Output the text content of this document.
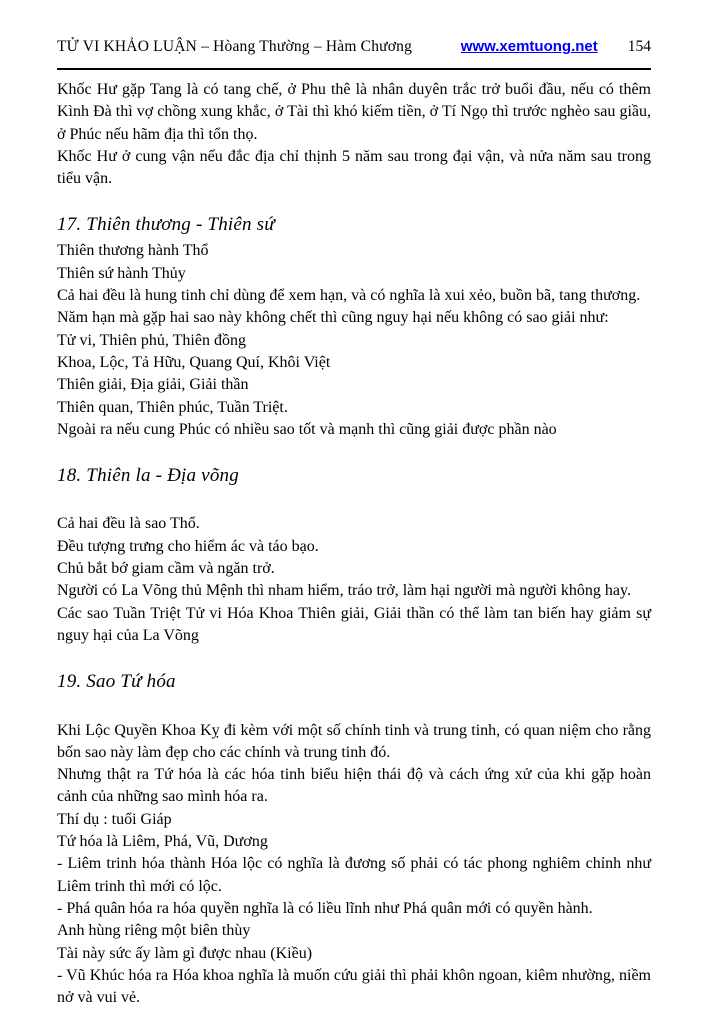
TỬ VI KHẢO LUẬN – Hòang Thường – Hàm Chương	www.xemtuong.net 154
Khốc Hư gặp Tang là có tang chế, ở Phu thê là nhân duyên trắc trở buổi đầu, nếu có thêm Kình Đà thì vợ chồng xung khắc, ở Tài thì khó kiếm tiền, ở Tí Ngọ thì trước nghèo sau giầu, ở Phúc nếu hãm địa thì tổn thọ.
Khốc Hư ở cung vận nếu đắc địa chỉ thịnh 5 năm sau trong đại vận, và nửa năm sau trong tiểu vận.
17. Thiên thương - Thiên sứ
Thiên thương hành Thổ
Thiên sứ hành Thủy
Cả hai đều là hung tinh chỉ dùng để xem hạn, và có nghĩa là xui xẻo, buồn bã, tang thương.
Năm hạn mà gặp hai sao này không chết thì cũng nguy hại nếu không có sao giải như:
Tử vi, Thiên phủ, Thiên đồng
Khoa, Lộc, Tả Hữu, Quang Quí, Khôi Việt
Thiên giải, Địa giải, Giải thần
Thiên quan, Thiên phúc, Tuần Triệt.
Ngoài ra nếu cung Phúc có nhiều sao tốt và mạnh thì cũng giải được phần nào
18. Thiên la - Địa võng

Cả hai đều là sao Thổ.
Đều tượng trưng cho hiểm ác và táo bạo.
Chủ bắt bớ giam cầm và ngăn trở.
Người có La Võng thủ Mệnh thì nham hiểm, tráo trở, làm hại người mà người không hay.
Các sao Tuần Triệt Tử vi Hóa Khoa Thiên giải, Giải thần có thể làm tan biến hay giảm sự nguy hại của La Võng
19. Sao Tứ hóa

Khi Lộc Quyền Khoa Kỵ đi kèm với một số chính tinh và trung tinh, có quan niệm cho rằng bốn sao này làm đẹp cho các chính và trung tinh đó.
Nhưng thật ra Tứ hóa là các hóa tinh biểu hiện thái độ và cách ứng xử của khi gặp hoàn cảnh của những sao mình hóa ra.
Thí dụ : tuổi Giáp
Tứ hóa là Liêm, Phá, Vũ, Dương
- Liêm trinh hóa thành Hóa lộc có nghĩa là đương số phải có tác phong nghiêm chỉnh như Liêm trinh thì mới có lộc.
- Phá quân hóa ra hóa quyền nghĩa là có liều lĩnh như Phá quân mới có quyền hành.
Anh hùng riêng một biên thùy
Tài này sức ấy làm gì được nhau (Kiều)
- Vũ Khúc hóa ra Hóa khoa nghĩa là muốn cứu giải thì phải khôn ngoan, kiêm nhường, niềm nở và vui vẻ.
